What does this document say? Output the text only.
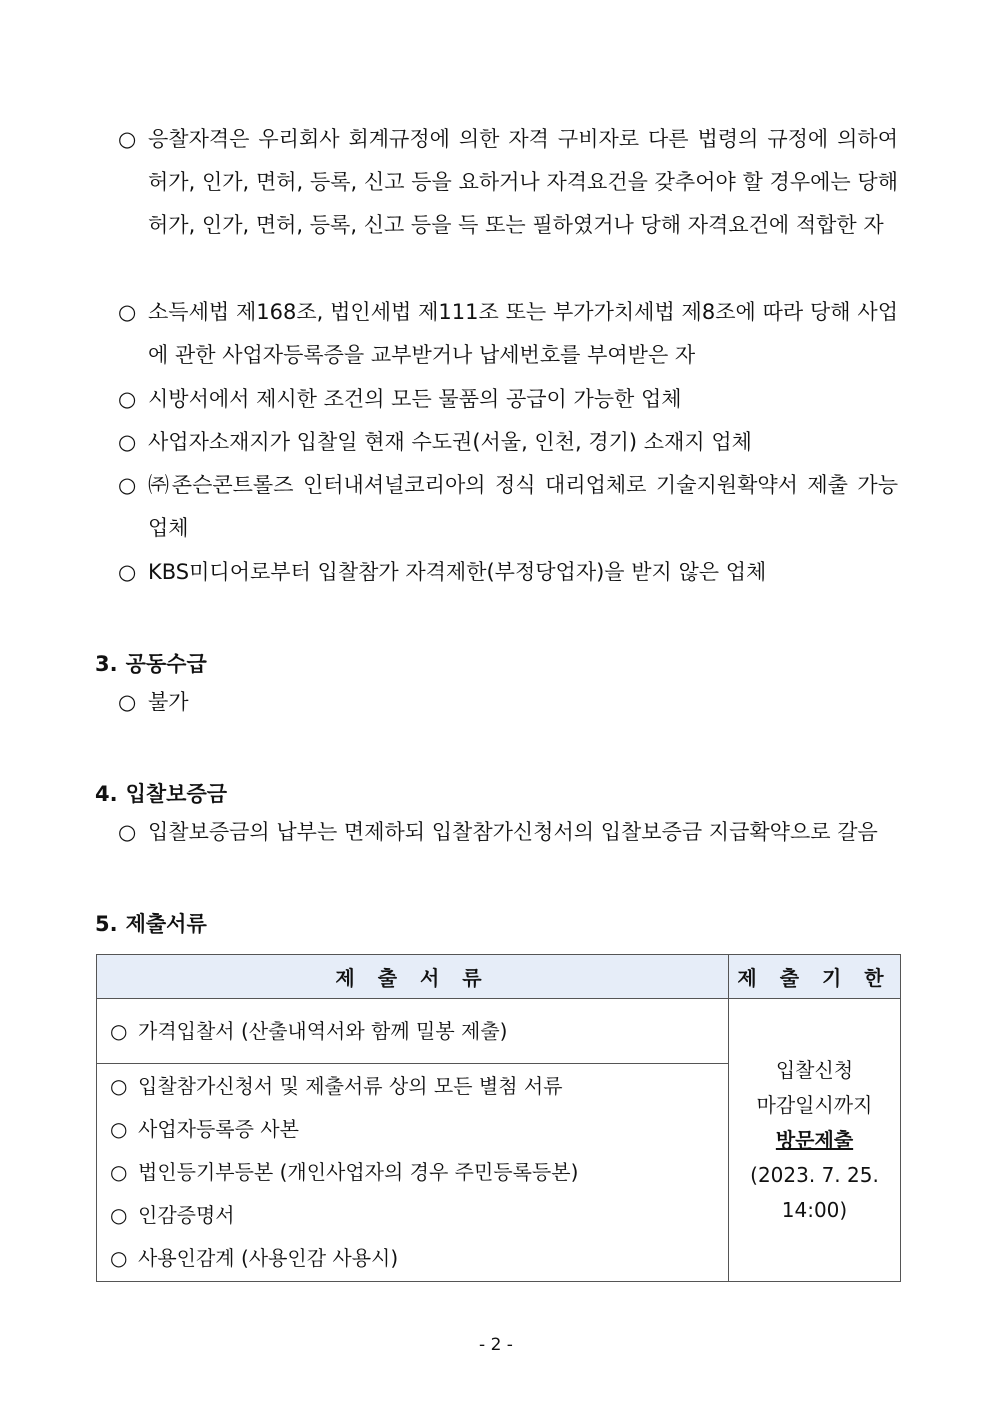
○ 응찰자격은 우리회사 회계규정에 의한 자격 구비자로 다른 법령의 규정에 의하여 허가, 인가, 면허, 등록, 신고 등을 요하거나 자격요건을 갖추어야 할 경우에는 당해 허가, 인가, 면허, 등록, 신고 등을 득 또는 필하였거나 당해 자격요건에 적합한 자
○ 소득세법 제168조, 법인세법 제111조 또는 부가가치세법 제8조에 따라 당해 사업에 관한 사업자등록증을 교부받거나 납세번호를 부여받은 자
○ 시방서에서 제시한 조건의 모든 물품의 공급이 가능한 업체
○ 사업자소재지가 입찰일 현재 수도권(서울, 인천, 경기) 소재지 업체
○ ㈜존슨콘트롤즈 인터내셔널코리아의 정식 대리업체로 기술지원확약서 제출 가능 업체
○ KBS미디어로부터 입찰참가 자격제한(부정당업자)을 받지 않은 업체
3. 공동수급
○ 불가
4. 입찰보증금
○ 입찰보증금의 납부는 면제하되 입찰참가신청서의 입찰보증금 지급확약으로 갈음
5. 제출서류
제 출 서 류	제 출 기 한

○ 가격입찰서 (산출내역서와 함께 밀봉 제출)	입찰신청
마감일시까지
방문제출
(2023. 7. 25.
14:00)

○ 입찰참가신청서 및 제출서류 상의 모든 별첨 서류
○ 사업자등록증 사본
○ 법인등기부등본 (개인사업자의 경우 주민등록등본)
○ 인감증명서
○ 사용인감계 (사용인감 사용시)	
- 2 -
